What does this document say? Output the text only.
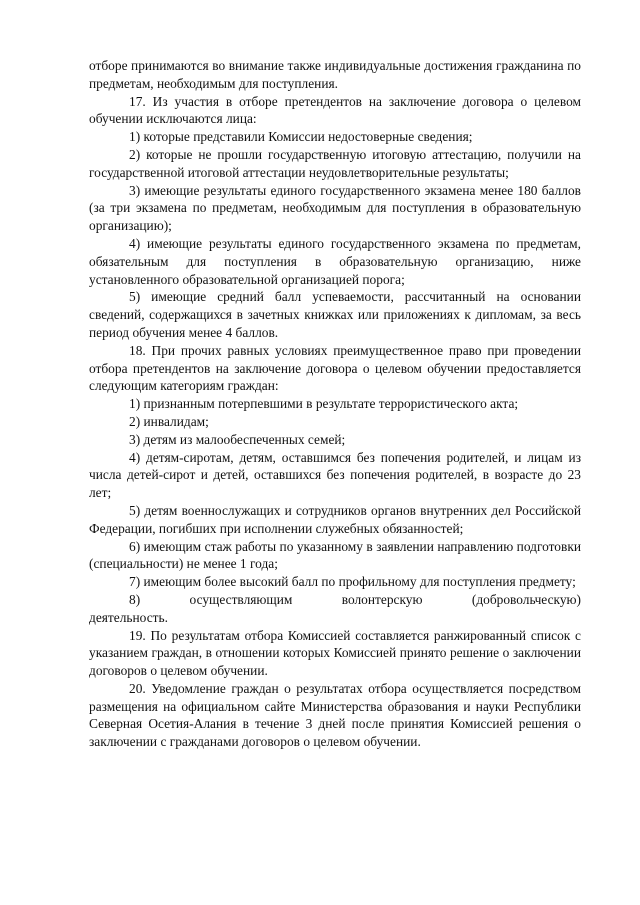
отборе принимаются во внимание также индивидуальные достижения гражданина по предметам, необходимым для поступления.

17. Из участия в отборе претендентов на заключение договора о целевом обучении исключаются лица:

1) которые представили Комиссии недостоверные сведения;

2) которые не прошли государственную итоговую аттестацию, получили на государственной итоговой аттестации неудовлетворительные результаты;

3) имеющие результаты единого государственного экзамена менее 180 баллов (за три экзамена по предметам, необходимым для поступления в образовательную организацию);

4) имеющие результаты единого государственного экзамена по предметам, обязательным для поступления в образовательную организацию, ниже установленного образовательной организацией порога;

5) имеющие средний балл успеваемости, рассчитанный на основании сведений, содержащихся в зачетных книжках или приложениях к дипломам, за весь период обучения менее 4 баллов.

18. При прочих равных условиях преимущественное право при проведении отбора претендентов на заключение договора о целевом обучении предоставляется следующим категориям граждан:

1) признанным потерпевшими в результате террористического акта;

2) инвалидам;

3) детям из малообеспеченных семей;

4) детям-сиротам, детям, оставшимся без попечения родителей, и лицам из числа детей-сирот и детей, оставшихся без попечения родителей, в возрасте до 23 лет;

5) детям военнослужащих и сотрудников органов внутренних дел Российской Федерации, погибших при исполнении служебных обязанностей;

6) имеющим стаж работы по указанному в заявлении направлению подготовки (специальности) не менее 1 года;

7) имеющим более высокий балл по профильному для поступления предмету;

8) осуществляющим волонтерскую (добровольческую)

деятельность.

19. По результатам отбора Комиссией составляется ранжированный список с указанием граждан, в отношении которых Комиссией принято решение о заключении договоров о целевом обучении.

20. Уведомление граждан о результатах отбора осуществляется посредством размещения на официальном сайте Министерства образования и науки Республики Северная Осетия-Алания в течение 3 дней после принятия Комиссией решения о заключении с гражданами договоров о целевом обучении.
